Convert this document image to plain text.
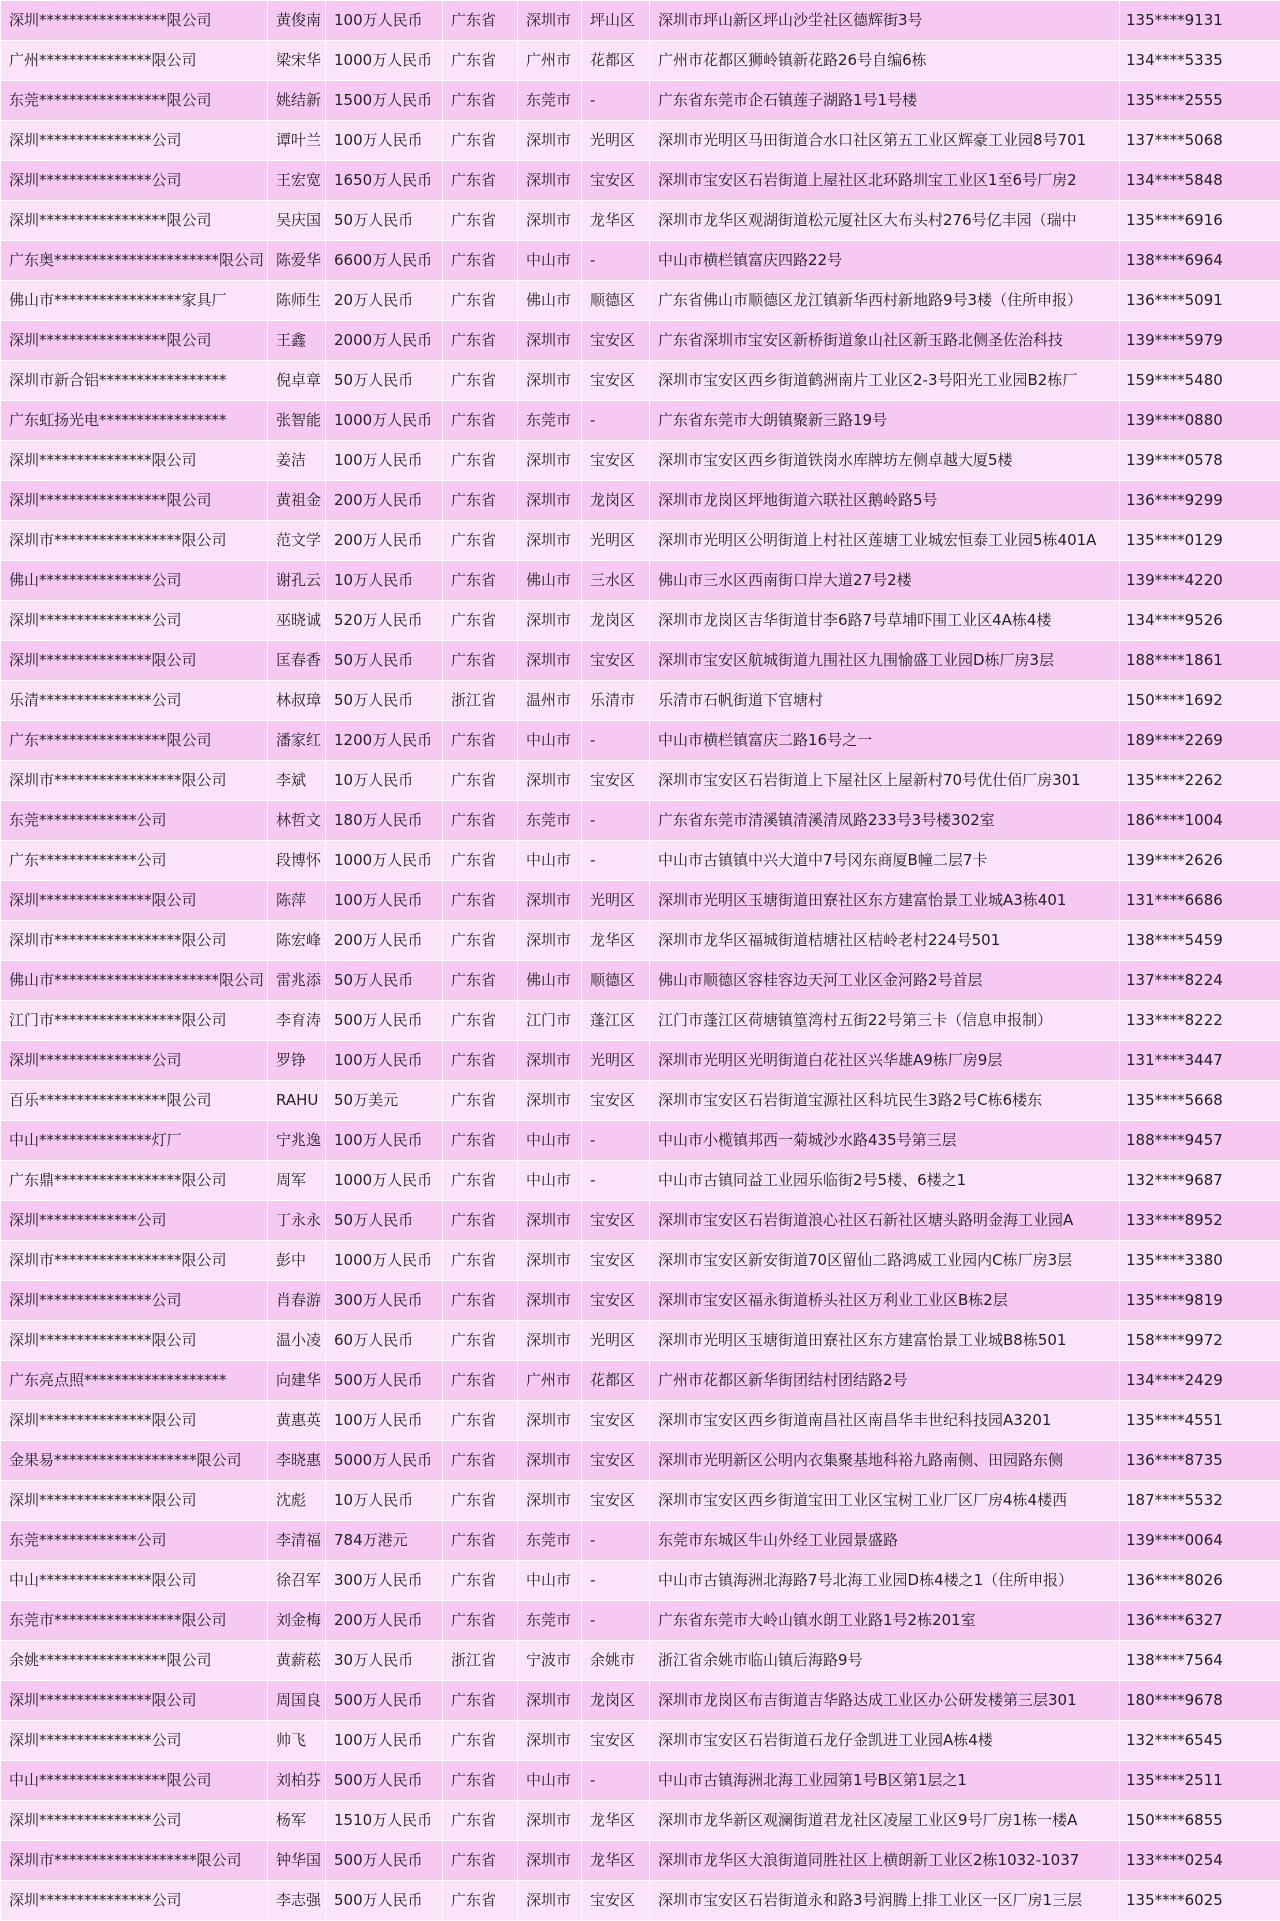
深圳*****************限公司	黄俊南	100万人民币	广东省	深圳市	坪山区	深圳市坪山新区坪山沙坣社区德辉街3号	135****9131
广州***************限公司	梁宋华	1000万人民币	广东省	广州市	花都区	广州市花都区狮岭镇新花路26号自编6栋	134****5335
东莞*****************限公司	姚结新	1500万人民币	广东省	东莞市	-	广东省东莞市企石镇莲子湖路1号1号楼	135****2555
深圳***************公司	谭叶兰	100万人民币	广东省	深圳市	光明区	深圳市光明区马田街道合水口社区第五工业区辉豪工业园8号701	137****5068
深圳***************公司	王宏宽	1650万人民币	广东省	深圳市	宝安区	深圳市宝安区石岩街道上屋社区北环路圳宝工业区1至6号厂房2	134****5848
深圳*****************限公司	吴庆国	50万人民币	广东省	深圳市	龙华区	深圳市龙华区观湖街道松元厦社区大布头村276号亿丰园（瑞中	135****6916
广东奥**********************限公司	陈爱华	6600万人民币	广东省	中山市	-	中山市横栏镇富庆四路22号	138****6964
佛山市*****************家具厂	陈师生	20万人民币	广东省	佛山市	顺德区	广东省佛山市顺德区龙江镇新华西村新地路9号3楼（住所申报）	136****5091
深圳*****************限公司	王鑫	2000万人民币	广东省	深圳市	宝安区	广东省深圳市宝安区新桥街道象山社区新玉路北侧圣佐治科技	139****5979
深圳市新合铝*****************	倪卓章	50万人民币	广东省	深圳市	宝安区	深圳市宝安区西乡街道鹤洲南片工业区2-3号阳光工业园B2栋厂	159****5480
广东虹扬光电*****************	张智能	1000万人民币	广东省	东莞市	-	广东省东莞市大朗镇聚新三路19号	139****0880
深圳***************限公司	姜洁	100万人民币	广东省	深圳市	宝安区	深圳市宝安区西乡街道铁岗水库牌坊左侧卓越大厦5楼	139****0578
深圳*****************限公司	黄祖金	200万人民币	广东省	深圳市	龙岗区	深圳市龙岗区坪地街道六联社区鹅岭路5号	136****9299
深圳市*****************限公司	范文学	200万人民币	广东省	深圳市	光明区	深圳市光明区公明街道上村社区莲塘工业城宏恒泰工业园5栋401A	135****0129
佛山***************公司	谢孔云	10万人民币	广东省	佛山市	三水区	佛山市三水区西南街口岸大道27号2楼	139****4220
深圳***************公司	巫晓诚	520万人民币	广东省	深圳市	龙岗区	深圳市龙岗区吉华街道甘李6路7号草埔吓围工业区4A栋4楼	134****9526
深圳***************限公司	匡春香	50万人民币	广东省	深圳市	宝安区	深圳市宝安区航城街道九围社区九围愉盛工业园D栋厂房3层	188****1861
乐清***************公司	林叔璋	50万人民币	浙江省	温州市	乐清市	乐清市石帆街道下官塘村	150****1692
广东*****************限公司	潘家红	1200万人民币	广东省	中山市	-	中山市横栏镇富庆二路16号之一	189****2269
深圳市*****************限公司	李斌	10万人民币	广东省	深圳市	宝安区	深圳市宝安区石岩街道上下屋社区上屋新村70号优仕佰厂房301	135****2262
东莞*************公司	林哲文	180万人民币	广东省	东莞市	-	广东省东莞市清溪镇清溪清凤路233号3号楼302室	186****1004
广东*************公司	段博怀	1000万人民币	广东省	中山市	-	中山市古镇镇中兴大道中7号冈东商厦B幢二层7卡	139****2626
深圳***************限公司	陈萍	100万人民币	广东省	深圳市	光明区	深圳市光明区玉塘街道田寮社区东方建富怡景工业城A3栋401	131****6686
深圳市*****************限公司	陈宏峰	200万人民币	广东省	深圳市	龙华区	深圳市龙华区福城街道桔塘社区桔岭老村224号501	138****5459
佛山市**********************限公司	雷兆添	50万人民币	广东省	佛山市	顺德区	佛山市顺德区容桂容边天河工业区金河路2号首层	137****8224
江门市*****************限公司	李育涛	500万人民币	广东省	江门市	蓬江区	江门市蓬江区荷塘镇篁湾村五街22号第三卡（信息申报制）	133****8222
深圳***************公司	罗铮	100万人民币	广东省	深圳市	光明区	深圳市光明区光明街道白花社区兴华雄A9栋厂房9层	131****3447
百乐*****************限公司	RAHU	50万美元	广东省	深圳市	宝安区	深圳市宝安区石岩街道宝源社区科坑民生3路2号C栋6楼东	135****5668
中山***************灯厂	宁兆逸	100万人民币	广东省	中山市	-	中山市小榄镇邦西一菊城沙水路435号第三层	188****9457
广东鼎*****************限公司	周军	1000万人民币	广东省	中山市	-	中山市古镇同益工业园乐临街2号5楼、6楼之1	132****9687
深圳*************公司	丁永永	50万人民币	广东省	深圳市	宝安区	深圳市宝安区石岩街道浪心社区石新社区塘头路明金海工业园A	133****8952
深圳市*****************限公司	彭中	1000万人民币	广东省	深圳市	宝安区	深圳市宝安区新安街道70区留仙二路鸿威工业园内C栋厂房3层	135****3380
深圳***************公司	肖春游	300万人民币	广东省	深圳市	宝安区	深圳市宝安区福永街道桥头社区万利业工业区B栋2层	135****9819
深圳***************限公司	温小凌	60万人民币	广东省	深圳市	光明区	深圳市光明区玉塘街道田寮社区东方建富怡景工业城B8栋501	158****9972
广东亮点照*******************	向建华	500万人民币	广东省	广州市	花都区	广州市花都区新华街团结村团结路2号	134****2429
深圳***************限公司	黄惠英	100万人民币	广东省	深圳市	宝安区	深圳市宝安区西乡街道南昌社区南昌华丰世纪科技园A3201	135****4551
金果易*******************限公司	李晓惠	5000万人民币	广东省	深圳市	宝安区	深圳市光明新区公明内衣集聚基地科裕九路南侧、田园路东侧	136****8735
深圳***************限公司	沈彪	10万人民币	广东省	深圳市	宝安区	深圳市宝安区西乡街道宝田工业区宝树工业厂区厂房4栋4楼西	187****5532
东莞*************公司	李清福	784万港元	广东省	东莞市	-	东莞市东城区牛山外经工业园景盛路	139****0064
中山***************限公司	徐召军	300万人民币	广东省	中山市	-	中山市古镇海洲北海路7号北海工业园D栋4楼之1（住所申报）	136****8026
东莞市*****************限公司	刘金梅	200万人民币	广东省	东莞市	-	广东省东莞市大岭山镇水朗工业路1号2栋201室	136****6327
余姚*****************限公司	黄薪菘	30万人民币	浙江省	宁波市	余姚市	浙江省余姚市临山镇后海路9号	138****7564
深圳***************限公司	周国良	500万人民币	广东省	深圳市	龙岗区	深圳市龙岗区布吉街道吉华路达成工业区办公研发楼第三层301	180****9678
深圳***************公司	帅飞	100万人民币	广东省	深圳市	宝安区	深圳市宝安区石岩街道石龙仔金凯进工业园A栋4楼	132****6545
中山*****************限公司	刘柏芬	500万人民币	广东省	中山市	-	中山市古镇海洲北海工业园第1号B区第1层之1	135****2511
深圳***************公司	杨军	1510万人民币	广东省	深圳市	龙华区	深圳市龙华新区观澜街道君龙社区凌屋工业区9号厂房1栋一楼A	150****6855
深圳市*******************限公司	钟华国	500万人民币	广东省	深圳市	龙华区	深圳市龙华区大浪街道同胜社区上横朗新工业区2栋1032-1037	133****0254
深圳***************公司	李志强	500万人民币	广东省	深圳市	宝安区	深圳市宝安区石岩街道永和路3号润腾上排工业区一区厂房1三层	135****6025
